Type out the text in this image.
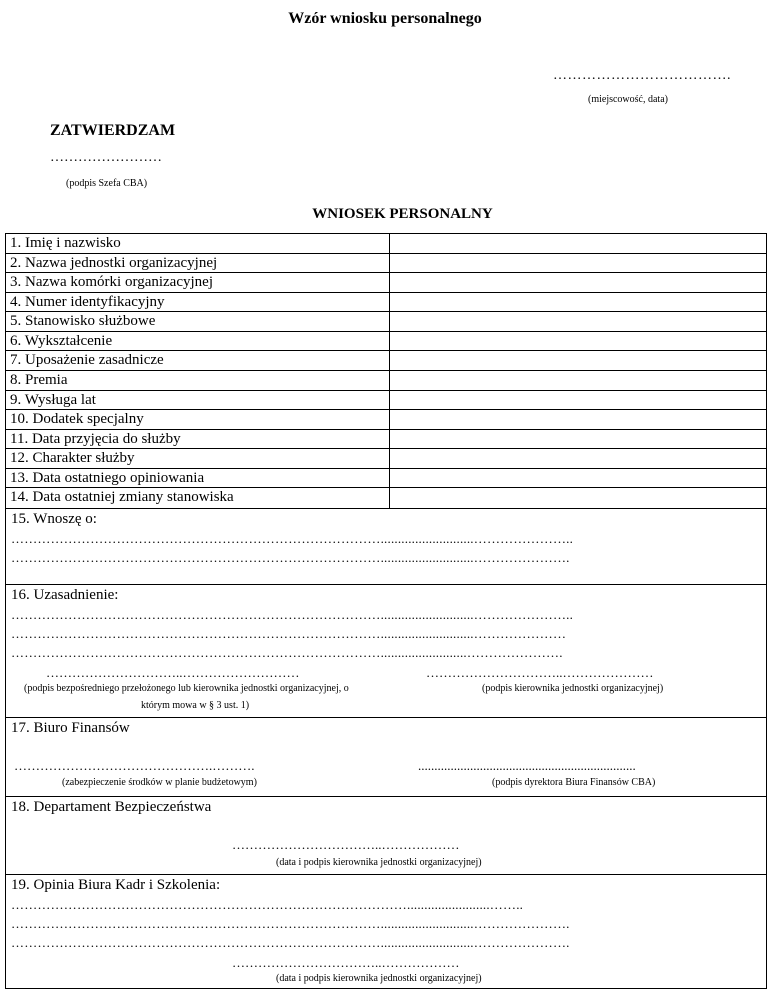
Wzór wniosku personalnego
……………………………….
(miejscowość, data)
ZATWIERDZAM
……………………
(podpis Szefa CBA)
WNIOSEK PERSONALNY
1. Imię i nazwisko
2. Nazwa jednostki organizacyjnej
3. Nazwa komórki organizacyjnej
4. Numer identyfikacyjny
5. Stanowisko służbowe
6. Wykształcenie
7. Uposażenie zasadnicze
8. Premia
9. Wysługa lat
10. Dodatek specjalny
11. Data przyjęcia do służby
12. Charakter służby
13. Data ostatniego opiniowania
14. Data ostatniej zmiany stanowiska
15. Wnoszę o:
…………………………………………………………………………...........................…………………..
…………………………………………………………………………...........................………………….
16. Uzasadnienie:
…………………………………………………………………………...........................…………………..
…………………………………………………………………………...........................…………………
………………………………………………………………………….........................………………….
…………………………..………………………	…………………………..…………………
(podpis bezpośredniego przełożonego lub kierownika jednostki organizacyjnej, o
którym mowa w § 3 ust. 1)
(podpis kierownika jednostki organizacyjnej)
17. Biuro Finansów
……………………………………….……….
(zabezpieczenie środków w planie budżetowym)
...................................................................
(podpis dyrektora Biura Finansów CBA)
18. Departament Bezpieczeństwa
……………………………..………………
(data i podpis kierownika jednostki organizacyjnej)
19. Opinia Biura Kadr i Szkolenia:
………………………………………………………………………………........................……..
…………………………………………………………………………...........................………………….
…………………………………………………………………………...........................………………….
……………………………..………………
(data i podpis kierownika jednostki organizacyjnej)
